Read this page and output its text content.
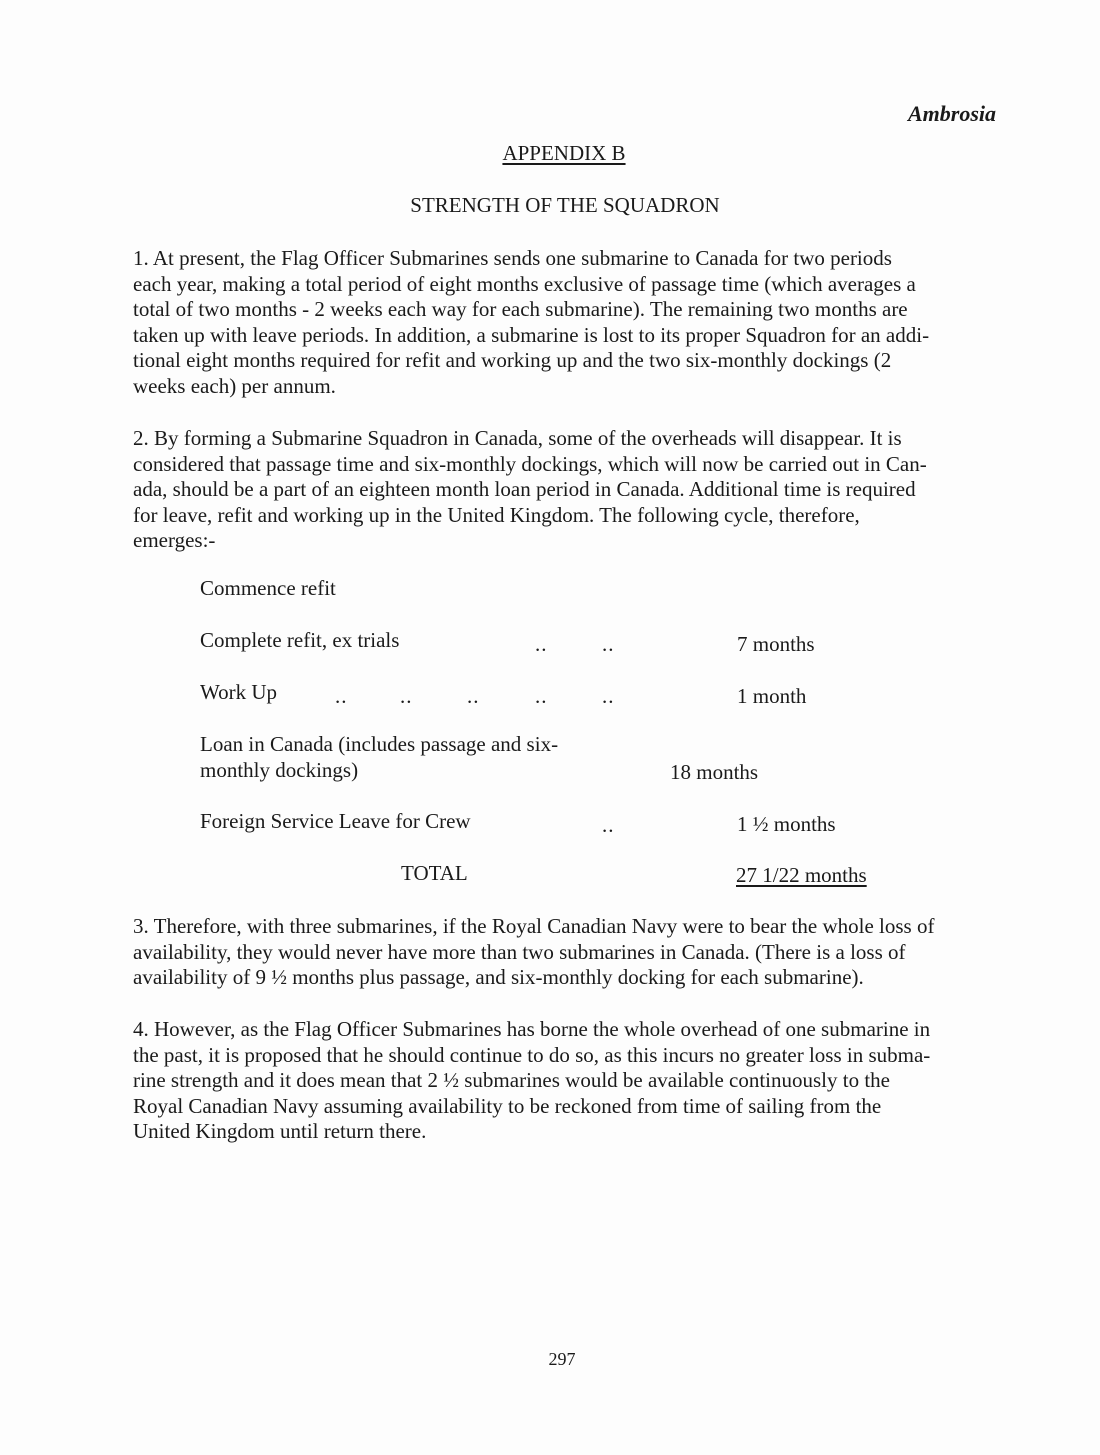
Ambrosia
APPENDIX B
STRENGTH OF THE SQUADRON

1. At present, the Flag Officer Submarines sends one submarine to Canada for two periods
each year, making a total period of eight months exclusive of passage time (which averages a
total of two months - 2 weeks each way for each submarine). The remaining two months are
taken up with leave periods. In addition, a submarine is lost to its proper Squadron for an addi-
tional eight months required for refit and working up and the two six-monthly dockings (2
weeks each) per annum.

2. By forming a Submarine Squadron in Canada, some of the overheads will disappear. It is
considered that passage time and six-monthly dockings, which will now be carried out in Can-
ada, should be a part of an eighteen month loan period in Canada. Additional time is required
for leave, refit and working up in the United Kingdom. The following cycle, therefore,
emerges:-

Commence refit
Complete refit, ex trials	..	..	7 months
Work Up	..	..	..	..	..	1 month
Loan in Canada (includes passage and six-
monthly dockings)	18 months
Foreign Service Leave for Crew	..	1 ½ months
TOTAL	27 1/22 months

3. Therefore, with three submarines, if the Royal Canadian Navy were to bear the whole loss of
availability, they would never have more than two submarines in Canada. (There is a loss of
availability of 9 ½ months plus passage, and six-monthly docking for each submarine).

4. However, as the Flag Officer Submarines has borne the whole overhead of one submarine in
the past, it is proposed that he should continue to do so, as this incurs no greater loss in subma-
rine strength and it does mean that 2 ½ submarines would be available continuously to the
Royal Canadian Navy assuming availability to be reckoned from time of sailing from the
United Kingdom until return there.

297
